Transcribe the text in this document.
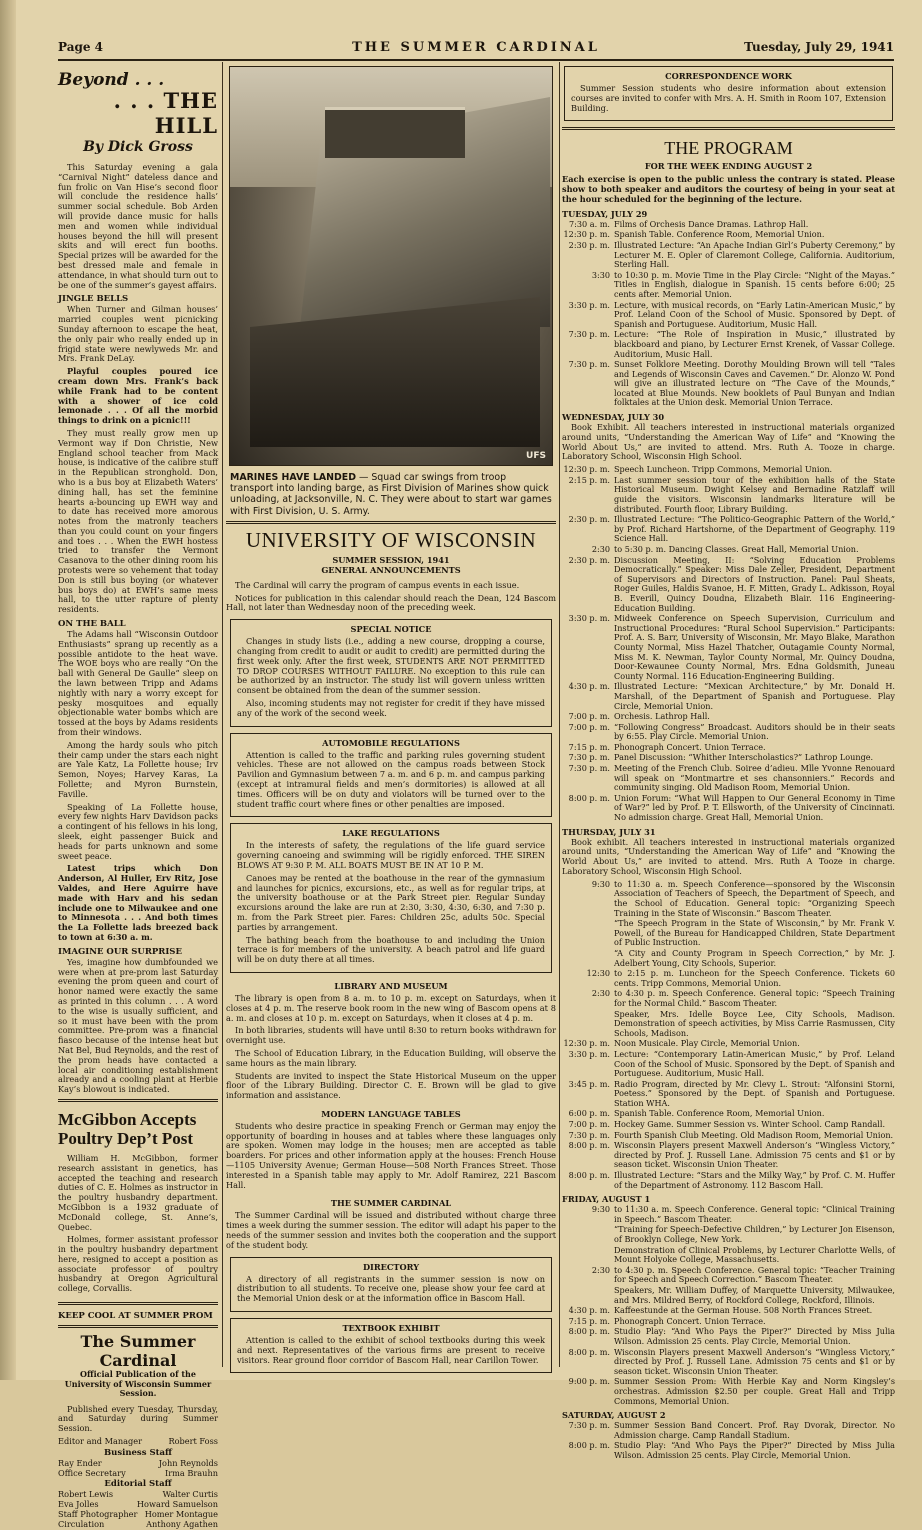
Page 4	THE SUMMER CARDINAL	Tuesday, July 29, 1941
Beyond . . .
. . . THE HILL
By Dick Gross

This Saturday evening a gala “Carnival Night” dateless dance and fun frolic on Van Hise’s second floor will conclude the residence halls’ summer social schedule. Bob Arden will provide dance music for halls men and women while individual houses beyond the hill will present skits and will erect fun booths. Special prizes will be awarded for the best dressed male and female in attendance, in what should turn out to be one of the summer’s gayest affairs.

JINGLE BELLS

When Turner and Gilman houses’ married couples went picnicking Sunday afternoon to escape the heat, the only pair who really ended up in frigid state were newlyweds Mr. and Mrs. Frank DeLay.

Playful couples poured ice cream down Mrs. Frank’s back while Frank had to be content with a shower of ice cold lemonade . . . Of all the morbid things to drink on a picnic!!!

They must really grow men up Vermont way if Don Christie, New England school teacher from Mack house, is indicative of the calibre stuff in the Republican stronghold. Don, who is a bus boy at Elizabeth Waters’ dining hall, has set the feminine hearts a-bouncing up EWH way and to date has received more amorous notes from the matronly teachers than you could count on your fingers and toes . . . When the EWH hostess tried to transfer the Vermont Casanova to the other dining room his protests were so vehement that today Don is still bus boying (or whatever bus boys do) at EWH’s same mess hall, to the utter rapture of plenty residents.

ON THE BALL

The Adams hall “Wisconsin Outdoor Enthusiasts” sprang up recently as a possible antidote to the heat wave. The WOE boys who are really “On the ball with General De Gaulle” sleep on the lawn between Tripp and Adams nightly with nary a worry except for pesky mosquitoes and equally objectionable water bombs which are tossed at the boys by Adams residents from their windows.

Among the hardy souls who pitch their camp under the stars each night are Yale Katz, La Follette house; Irv Semon, Noyes; Harvey Karas, La Follette; and Myron Burnstein, Faville.

Speaking of La Follette house, every few nights Harv Davidson packs a contingent of his fellows in his long, sleek, eight passenger Buick and heads for parts unknown and some sweet peace.

Latest trips which Don Anderson, Al Huller, Erv Ritz, Jose Valdes, and Here Aguirre have made with Harv and his sedan include one to Milwaukee and one to Minnesota . . . And both times the La Follette lads breezed back to town at 6:30 a. m.

IMAGINE OUR SURPRISE

Yes, imagine how dumbfounded we were when at pre-prom last Saturday evening the prom queen and court of honor named were exactly the same as printed in this column . . . A word to the wise is usually sufficient, and so it must have been with the prom committee. Pre-prom was a financial fiasco because of the intense heat but Nat Bel, Bud Reynolds, and the rest of the prom heads have contacted a local air conditioning establishment already and a cooling plant at Herbie Kay’s blowout is indicated.

McGibbon Accepts Poultry Dep’t Post

William H. McGibbon, former research assistant in genetics, has accepted the teaching and research duties of C. E. Holmes as instructor in the poultry husbandry department. McGibbon is a 1932 graduate of McDonald college, St. Anne’s, Quebec.

Holmes, former assistant professor in the poultry husbandry department here, resigned to accept a position as associate professor of poultry husbandry at Oregon Agricultural college, Corvallis.

KEEP COOL AT SUMMER PROM
The Summer Cardinal
Official Publication of the University of Wisconsin Summer Session.

Published every Tuesday, Thursday, and Saturday during Summer Session.

Editor and Manager	Robert Foss
Business Staff
Ray Ender	John Reynolds
Office Secretary	Irma Brauhn
Editorial Staff
Robert Lewis	Walter Curtis
Eva Jolles	Howard Samuelson
Staff Photographer Homer Montague
Circulation	Anthony Agathen
UFS
MARINES HAVE LANDED — Squad car swings from troop transport into landing barge, as First Division of Marines show quick unloading, at Jacksonville, N. C. They were about to start war games with First Division, U. S. Army.
UNIVERSITY OF WISCONSIN
SUMMER SESSION, 1941
GENERAL ANNOUNCEMENTS

The Cardinal will carry the program of campus events in each issue.

Notices for publication in this calendar should reach the Dean, 124 Bascom Hall, not later than Wednesday noon of the preceding week.

SPECIAL NOTICE

Changes in study lists (i.e., adding a new course, dropping a course, changing from credit to audit or audit to credit) are permitted during the first week only. After the first week, STUDENTS ARE NOT PERMITTED TO DROP COURSES WITHOUT FAILURE. No exception to this rule can be authorized by an instructor. The study list will govern unless written consent be obtained from the dean of the summer session.

Also, incoming students may not register for credit if they have missed any of the work of the second week.

AUTOMOBILE REGULATIONS

Attention is called to the traffic and parking rules governing student vehicles. These are not allowed on the campus roads between Stock Pavilion and Gymnasium between 7 a. m. and 6 p. m. and campus parking (except at intramural fields and men’s dormitories) is allowed at all times. Officers will be on duty and violators will be turned over to the student traffic court where fines or other penalties are imposed.

LAKE REGULATIONS

In the interests of safety, the regulations of the life guard service governing canoeing and swimming will be rigidly enforced. THE SIREN BLOWS AT 9:30 P. M. ALL BOATS MUST BE IN AT 10 P. M.

Canoes may be rented at the boathouse in the rear of the gymnasium and launches for picnics, excursions, etc., as well as for regular trips, at the university boathouse or at the Park Street pier. Regular Sunday excursions around the lake are run at 2:30, 3:30, 4:30, 6:30, and 7:30 p. m. from the Park Street pier. Fares: Children 25c, adults 50c. Special parties by arrangement.

The bathing beach from the boathouse to and including the Union terrace is for members of the university. A beach patrol and life guard will be on duty there at all times.

LIBRARY AND MUSEUM

The library is open from 8 a. m. to 10 p. m. except on Saturdays, when it closes at 4 p. m. The reserve book room in the new wing of Bascom opens at 8 a. m. and closes at 10 p. m. except on Saturdays, when it closes at 4 p. m.

In both libraries, students will have until 8:30 to return books withdrawn for overnight use.

The School of Education Library, in the Education Building, will observe the same hours as the main library.

Students are invited to inspect the State Historical Museum on the upper floor of the Library Building. Director C. E. Brown will be glad to give information and assistance.

MODERN LANGUAGE TABLES

Students who desire practice in speaking French or German may enjoy the opportunity of boarding in houses and at tables where these languages only are spoken. Women may lodge in the houses; men are accepted as table boarders. For prices and other information apply at the houses: French House—1105 University Avenue; German House—508 North Frances Street. Those interested in a Spanish table may apply to Mr. Adolf Ramirez, 221 Bascom Hall.

THE SUMMER CARDINAL

The Summer Cardinal will be issued and distributed without charge three times a week during the summer session. The editor will adapt his paper to the needs of the summer session and invites both the cooperation and the support of the student body.

DIRECTORY

A directory of all registrants in the summer session is now on distribution to all students. To receive one, please show your fee card at the Memorial Union desk or at the information office in Bascom Hall.

TEXTBOOK EXHIBIT

Attention is called to the exhibit of school textbooks during this week and next. Representatives of the various firms are present to receive visitors. Rear ground floor corridor of Bascom Hall, near Carillon Tower.

CORRESPONDENCE WORK

Summer Session students who desire information about extension courses are invited to confer with Mrs. A. H. Smith in Room 107, Extension Building.

THE PROGRAM
FOR THE WEEK ENDING AUGUST 2

Each exercise is open to the public unless the contrary is stated. Please show to both speaker and auditors the courtesy of being in your seat at the hour scheduled for the beginning of the lecture.

TUESDAY, JULY 29
7:30 a. m. Films of Orchesis Dance Dramas. Lathrop Hall.
12:30 p. m. Spanish Table. Conference Room, Memorial Union.
2:30 p. m. Illustrated Lecture: “An Apache Indian Girl’s Puberty Ceremony,” by Lecturer M. E. Opler of Claremont College, California. Auditorium, Sterling Hall.
3:30 to 10:30 p. m. Movie Time in the Play Circle: “Night of the Mayas.” Titles in English, dialogue in Spanish. 15 cents before 6:00; 25 cents after. Memorial Union.
3:30 p. m. Lecture, with musical records, on “Early Latin-American Music,” by Prof. Leland Coon of the School of Music. Sponsored by Dept. of Spanish and Portuguese. Auditorium, Music Hall.
7:30 p. m. Lecture: “The Role of Inspiration in Music,” illustrated by blackboard and piano, by Lecturer Ernst Krenek, of Vassar College. Auditorium, Music Hall.
7:30 p. m. Sunset Folklore Meeting. Dorothy Moulding Brown will tell “Tales and Legends of Wisconsin Caves and Cavemen.” Dr. Alonzo W. Pond will give an illustrated lecture on “The Cave of the Mounds,” located at Blue Mounds. New booklets of Paul Bunyan and Indian folktales at the Union desk. Memorial Union Terrace.
WEDNESDAY, JULY 30

Book Exhibit. All teachers interested in instructional materials organized around units, “Understanding the American Way of Life” and “Knowing the World About Us,” are invited to attend. Mrs. Ruth A. Tooze in charge. Laboratory School, Wisconsin High School.

12:30 p. m. Speech Luncheon. Tripp Commons, Memorial Union.
2:15 p. m. Last summer session tour of the exhibition halls of the State Historical Museum. Dwight Kelsey and Bernadine Ratzlaff will guide the visitors. Wisconsin landmarks literature will be distributed. Fourth floor, Library Building.
2:30 p. m. Illustrated Lecture: “The Politico-Geographic Pattern of the World,” by Prof. Richard Hartshorne, of the Department of Geography. 119 Science Hall.
2:30 to 5:30 p. m. Dancing Classes. Great Hall, Memorial Union.
2:30 p. m. Discussion Meeting, II: “Solving Education Problems Democratically.” Speaker: Miss Dale Zeller, President, Department of Supervisors and Directors of Instruction. Panel: Paul Sheats, Roger Guiles, Haldis Svanoe, H. F. Mitten, Grady L. Adkisson, Royal B. Everill, Quincy Doudna, Elizabeth Blair. 116 Engineering-Education Building.
3:30 p. m. Midweek Conference on Speech Supervision, Curriculum and Instructional Procedures: “Rural School Supervision.” Participants: Prof. A. S. Barr, University of Wisconsin, Mr. Mayo Blake, Marathon County Normal, Miss Hazel Thatcher, Outagamie County Normal, Miss M. K. Newman, Taylor County Normal, Mr. Quincy Doudna, Door-Kewaunee County Normal, Mrs. Edna Goldsmith, Juneau County Normal. 116 Education-Engineering Building.
4:30 p. m. Illustrated Lecture: “Mexican Architecture,” by Mr. Donald H. Marshall, of the Department of Spanish and Portuguese. Play Circle, Memorial Union.
7:00 p. m. Orchesis. Lathrop Hall.
7:00 p. m. “Following Congress” Broadcast. Auditors should be in their seats by 6:55. Play Circle. Memorial Union.
7:15 p. m. Phonograph Concert. Union Terrace.
7:30 p. m. Panel Discussion: “Whither Interscholastics?” Lathrop Lounge.
7:30 p. m. Meeting of the French Club. Soiree d’adieu. Mlle Yvonne Renouard will speak on “Montmartre et ses chansonniers.” Records and community singing. Old Madison Room, Memorial Union.
8:00 p. m. Union Forum: “What Will Happen to Our General Economy in Time of War?” led by Prof. P. T. Ellsworth, of the University of Cincinnati. No admission charge. Great Hall, Memorial Union.
THURSDAY, JULY 31

Book exhibit. All teachers interested in instructional materials organized around units, “Understanding the American Way of Life” and “Knowing the World About Us,” are invited to attend. Mrs. Ruth A Tooze in charge. Laboratory School, Wisconsin High School.

9:30 to 11:30 a. m. Speech Conference—sponsored by the Wisconsin Association of Teachers of Speech, the Department of Speech, and the School of Education. General topic: “Organizing Speech Training in the State of Wisconsin.” Bascom Theater.
“The Speech Program in the State of Wisconsin,” by Mr. Frank V. Powell, of the Bureau for Handicapped Children, State Department of Public Instruction.
“A City and County Program in Speech Correction,” by Mr. J. Adelbert Young, City Schools, Superior.
12:30 to 2:15 p. m. Luncheon for the Speech Conference. Tickets 60 cents. Tripp Commons, Memorial Union.
2:30 to 4:30 p. m. Speech Conference. General topic: “Speech Training for the Normal Child.” Bascom Theater.
Speaker, Mrs. Idelle Boyce Lee, City Schools, Madison. Demonstration of speech activities, by Miss Carrie Rasmussen, City Schools, Madison.
12:30 p. m. Noon Musicale. Play Circle, Memorial Union.
3:30 p. m. Lecture: “Contemporary Latin-American Music,” by Prof. Leland Coon of the School of Music. Sponsored by the Dept. of Spanish and Portuguese. Auditorium, Music Hall.
3:45 p. m. Radio Program, directed by Mr. Clevy L. Strout: “Alfonsini Storni, Poetess.” Sponsored by the Dept. of Spanish and Portuguese. Station WHA.
6:00 p. m. Spanish Table. Conference Room, Memorial Union.
7:00 p. m. Hockey Game. Summer Session vs. Winter School. Camp Randall.
7:30 p. m. Fourth Spanish Club Meeting. Old Madison Room, Memorial Union.
8:00 p. m. Wisconsin Players present Maxwell Anderson’s “Wingless Victory,” directed by Prof. J. Russell Lane. Admission 75 cents and $1 or by season ticket. Wisconsin Union Theater.
8:00 p. m. Illustrated Lecture: “Stars and the Milky Way,” by Prof. C. M. Huffer of the Department of Astronomy. 112 Bascom Hall.
FRIDAY, AUGUST 1
9:30 to 11:30 a. m. Speech Conference. General topic: “Clinical Training in Speech.” Bascom Theater.
“Training for Speech-Defective Children,” by Lecturer Jon Eisenson, of Brooklyn College, New York.
Demonstration of Clinical Problems, by Lecturer Charlotte Wells, of Mount Holyoke College, Massachusetts.
2:30 to 4:30 p. m. Speech Conference. General topic: “Teacher Training for Speech and Speech Correction.” Bascom Theater.
Speakers, Mr. William Duffey, of Marquette University, Milwaukee, and Mrs. Mildred Berry, of Rockford College, Rockford, Illinois.
4:30 p. m. Kaffeestunde at the German House. 508 North Frances Street.
7:15 p. m. Phonograph Concert. Union Terrace.
8:00 p. m. Studio Play: “And Who Pays the Piper?” Directed by Miss Julia Wilson. Admission 25 cents. Play Circle, Memorial Union.
8:00 p. m. Wisconsin Players present Maxwell Anderson’s “Wingless Victory,” directed by Prof. J. Russell Lane. Admission 75 cents and $1 or by season ticket. Wisconsin Union Theater.
9:00 p. m. Summer Session Prom: With Herbie Kay and Norm Kingsley’s orchestras. Admission $2.50 per couple. Great Hall and Tripp Commons, Memorial Union.
SATURDAY, AUGUST 2
7:30 p. m. Summer Session Band Concert. Prof. Ray Dvorak, Director. No Admission charge. Camp Randall Stadium.
8:00 p. m. Studio Play: “And Who Pays the Piper?” Directed by Miss Julia Wilson. Admission 25 cents. Play Circle, Memorial Union.
